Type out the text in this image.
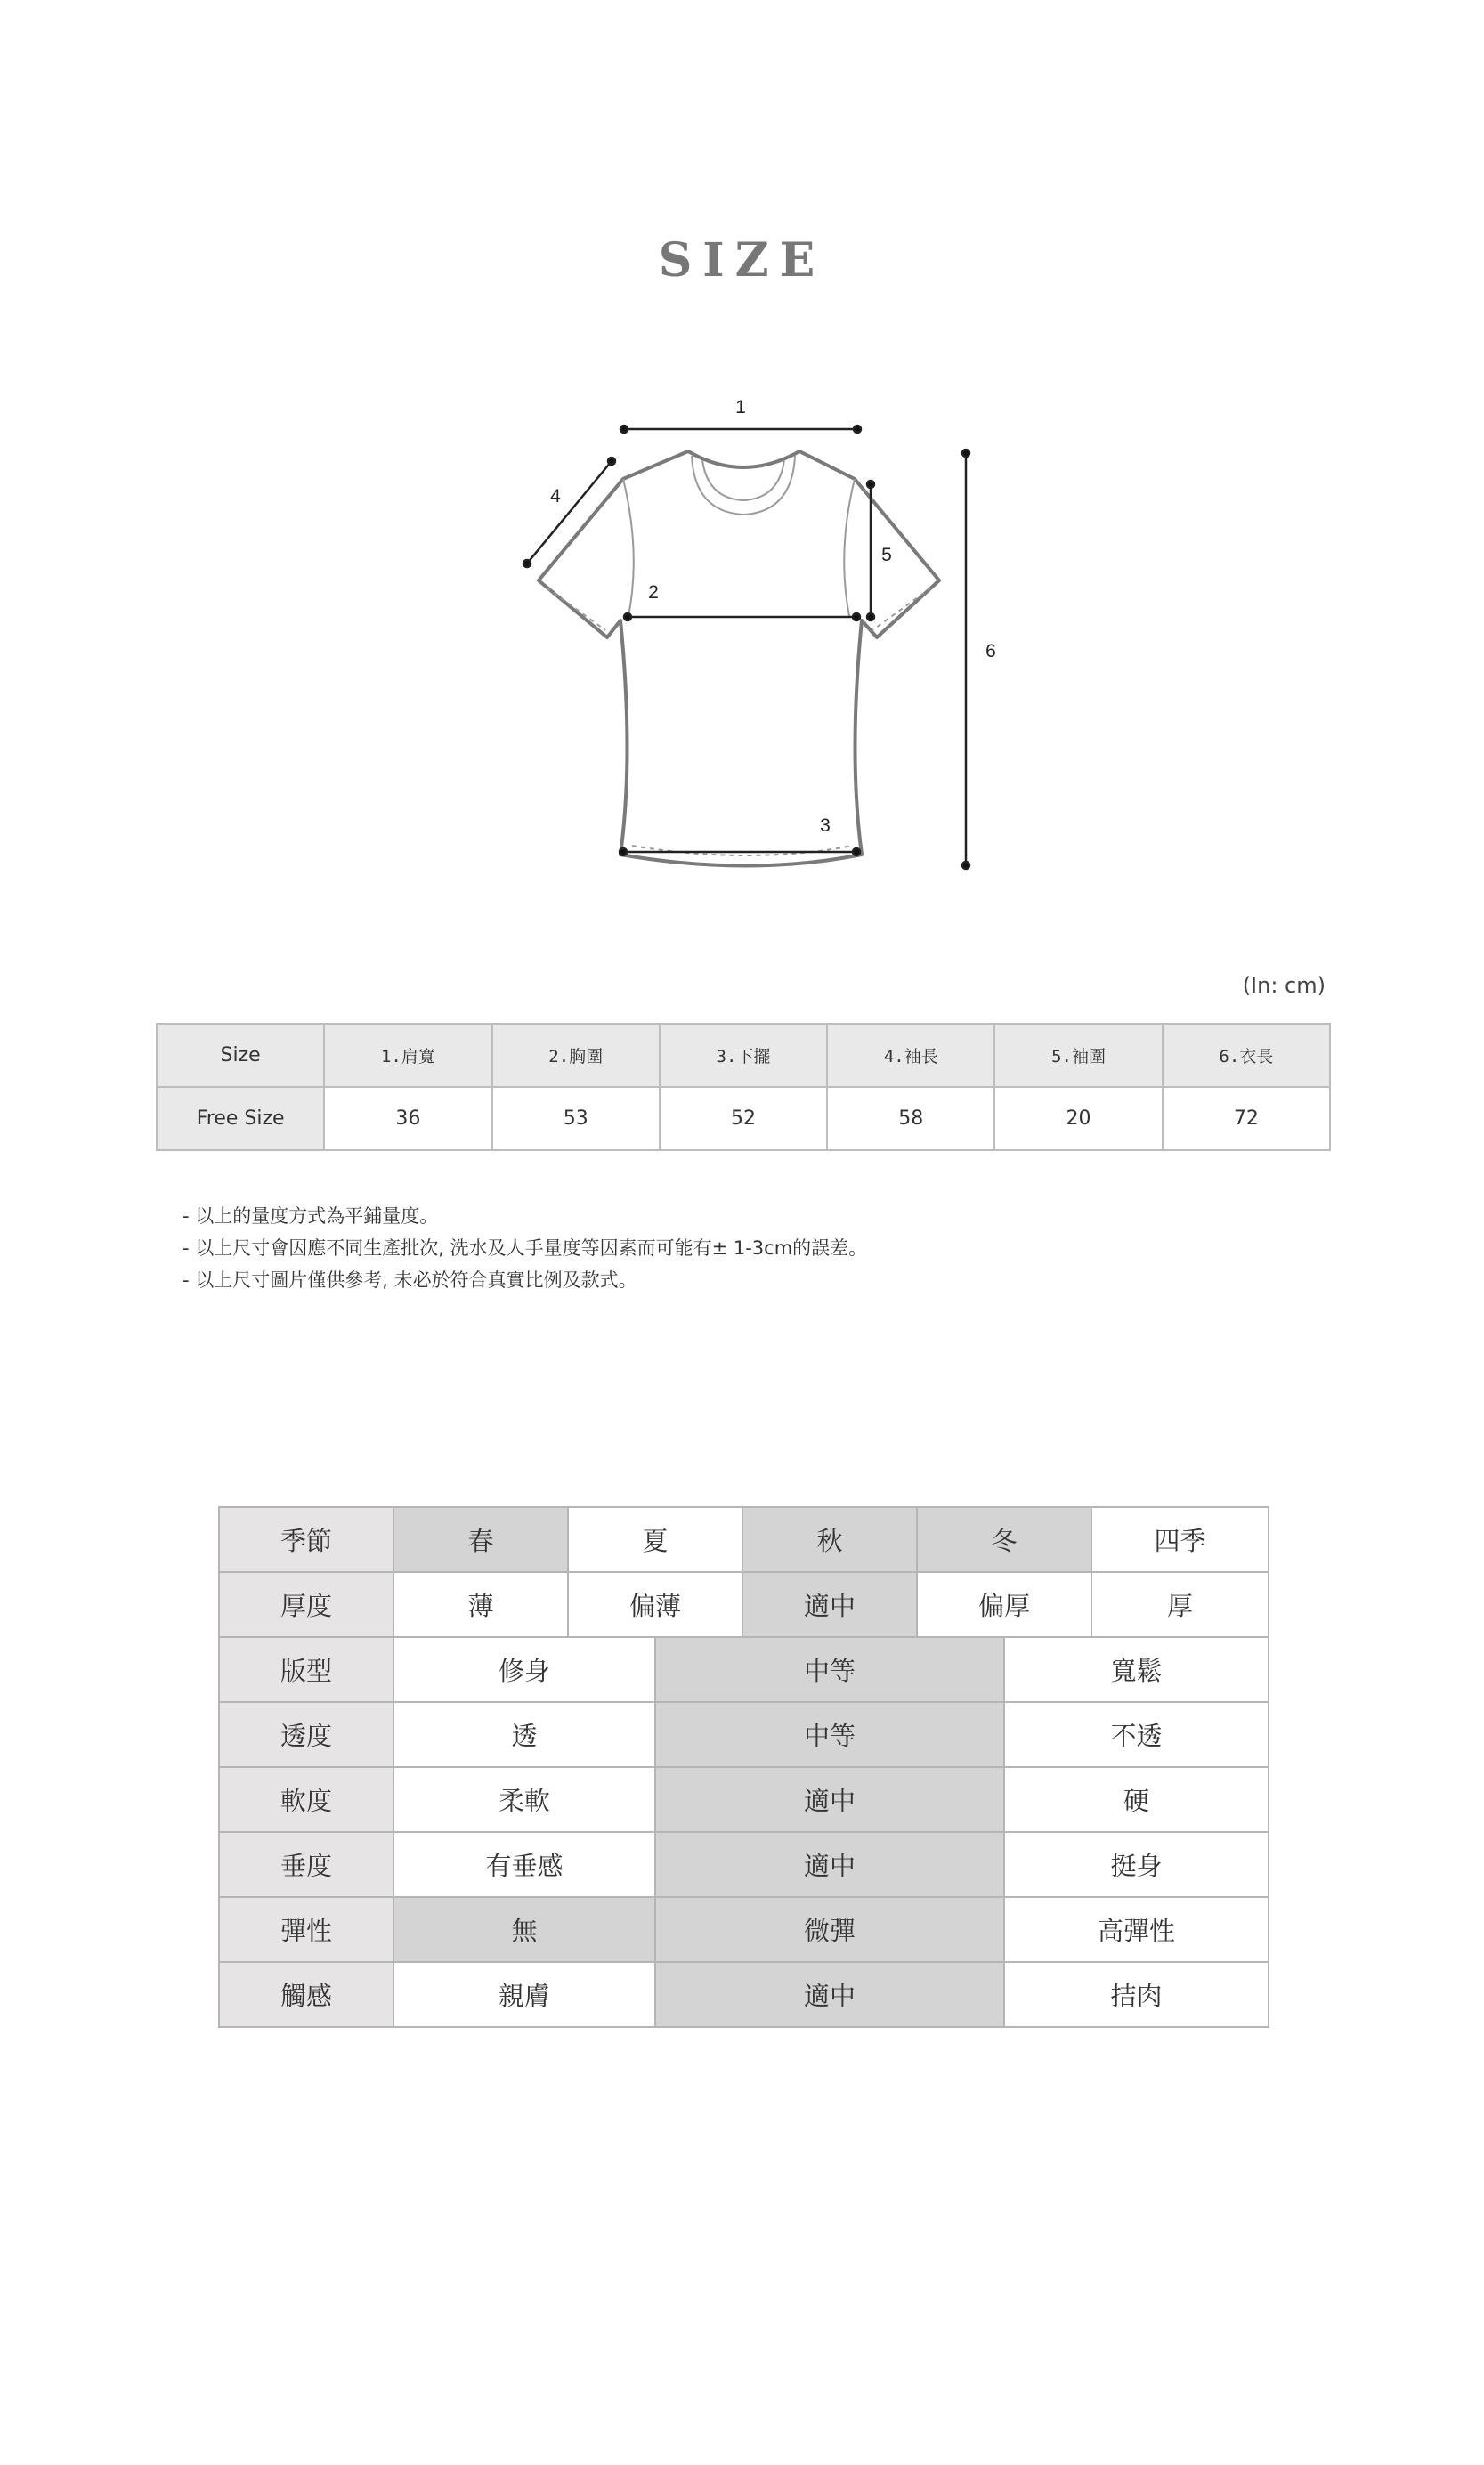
SIZE
1
2
3
4
5
6
(In: cm)
Size	1.肩寬	2.胸圍	3.下擺	4.袖長	5.袖圍	6.衣長
Free Size	36	53	52	58	20	72
- 以上的量度方式為平鋪量度。
- 以上尺寸會因應不同生產批次, 洗水及人手量度等因素而可能有± 1-3cm的誤差。
- 以上尺寸圖片僅供參考, 未必於符合真實比例及款式。
季節	春	夏		秋	冬		四季
厚度	薄	偏薄		適中	偏厚		厚
版型	修身		中等			寬鬆	
透度	透		中等			不透	
軟度	柔軟		適中			硬	
垂度	有垂感		適中			挺身	
彈性	無		微彈			高彈性	
觸感	親膚		適中			拮肉	
